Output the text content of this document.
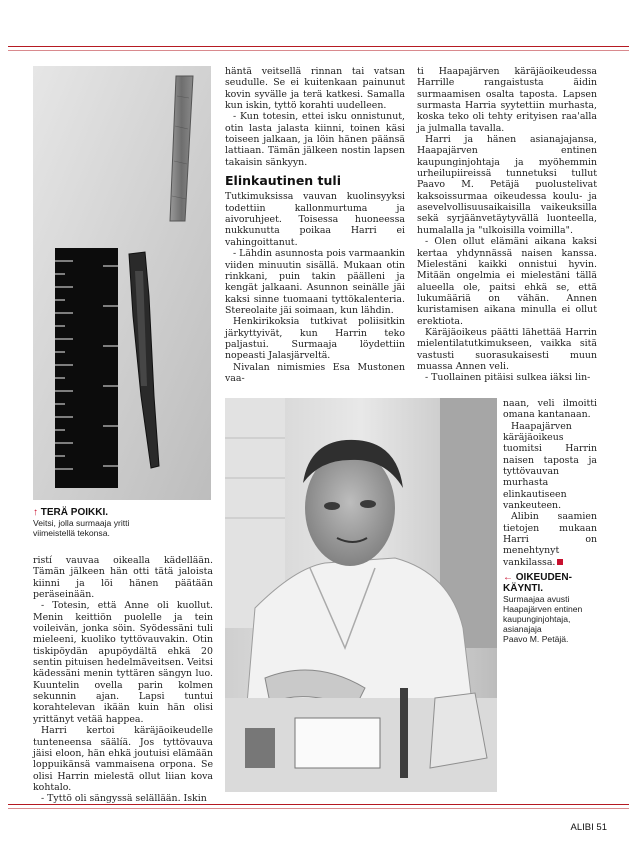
↑ TERÄ POIKKI.
Veitsi, jolla surmaaja yritti
viimeistellä tekonsa.

ristí vauvaa oikealla kädellään. Tämän jälkeen hän otti tätä jaloista kiinni ja löi hänen päätään peräseinään.

- Totesin, että Anne oli kuollut. Menin keittiön puolelle ja tein voileivän, jonka söin. Syödessäni tuli mieleeni, kuoliko tyttövauvakin. Otin tiskipöydän apupöydältä ehkä 20 sentin pituisen hedelmäveitsen. Veitsi kädessäni menin tyttären sängyn luo. Kuuntelin ovella parin kolmen sekunnin ajan. Lapsi tuntui korahtelevan ikään kuin hän olisi yrittänyt vetää happea.

Harri kertoi käräjäoikeudelle tunteneensa säälíä. Jos tyttövauva jäisi eloon, hän ehkä joutuisi elämään loppuikänsä vammaisena orpona. Se olisi Harrin mielestä ollut liian kova kohtalo.

- Tyttö oli sängyssä selällään. Iskin

häntä veitsellä rinnan tai vatsan seudulle. Se ei kuitenkaan painunut kovin syvälle ja terä katkesi. Samalla kun iskin, tyttö korahti uudelleen.

- Kun totesin, ettei isku onnistunut, otin lasta jalasta kiinni, toinen käsi toiseen jalkaan, ja löin hänen päänsä lattiaan. Tämän jälkeen nostin lapsen takaisin sänkyyn.

Elinkautinen tuli

Tutkimuksissa vauvan kuolinsyyksi todettiin kallonmurtuma ja aivoruhjeet. Toisessa huoneessa nukkunutta poikaa Harri ei vahingoittanut.

- Lähdin asunnosta pois varmaankin viiden minuutin sisällä. Mukaan otin rinkkani, puin takin päälleni ja kengät jalkaani. Asunnon seinälle jäi kaksi sinne tuomaani tyttökalenteria. Stereolaite jäi soimaan, kun lähdin.

Henkirikoksia tutkivat poliisitkin järkyttyivät, kun Harrin teko paljastui. Surmaaja löydettiin nopeasti Jalasjärveltä.

Nivalan nimismies Esa Mustonen vaa-

ti Haapajärven käräjäoikeudessa Harrille rangaistusta äidin surmaamisen osalta taposta. Lapsen surmasta Harria syytettiin murhasta, koska teko oli tehty erityisen raa'alla ja julmalla tavalla.

Harri ja hänen asianajajansa, Haapajärven entinen kaupunginjohtaja ja myöhemmin urheilupiireissä tunnetuksi tullut Paavo M. Petäjä puolustelivat kaksoissurmaa oikeudessa koulu- ja asevelvollisuusaikaisilla vaikeuksilla sekä syrjäänvetäytyvällä luonteella, humalalla ja "ulkoisilla voimilla".

- Olen ollut elämäni aikana kaksi kertaa yhdynnässä naisen kanssa. Mielestäni kaikki onnistui hyvin. Mitään ongelmia ei mielestäni tällä alueella ole, paitsi ehkä se, että lukumääriä on vähän. Annen kuristamisen aikana minulla ei ollut erektiota.

Käräjäoikeus päätti lähettää Harrin mielentilatutkimukseen, vaikka sitä vastusti suorasukaisesti muun muassa Annen veli.

- Tuollainen pitäisi sulkea iäksi lin-

naan, veli ilmoitti omana kantanaan.

Haapajärven käräjäoikeus tuomitsi Harrin naisen taposta ja tyttövauvan murhasta elinkautiseen vankeuteen.

Alibin saamien tietojen mukaan Harri on menehtynyt vankilassa.

← OIKEUDEN-
KÄYNTI.
Surmaajaa avusti
Haapajärven entinen
kaupunginjohtaja,
asianajaja
Paavo M. Petäjä.
ALIBI 51
